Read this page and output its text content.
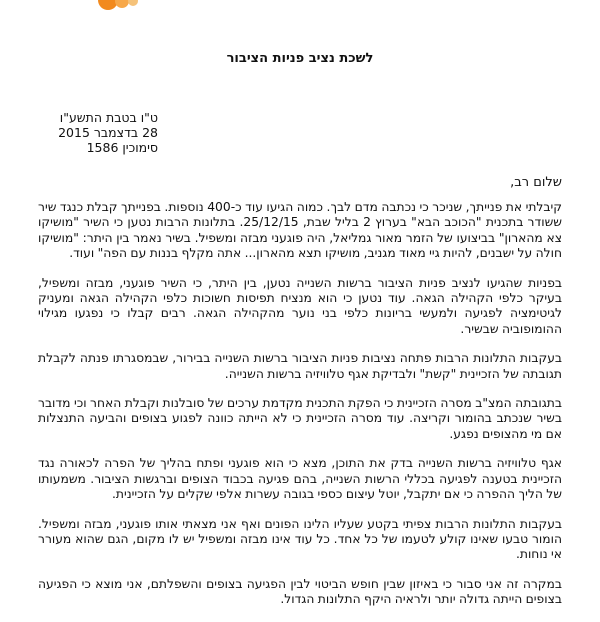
לשכת נציב פניות הציבור
ט"ו בטבת התשע"ו
28 בדצמבר 2015
סימוכין 1586
שלום רב,

קיבלתי את פנייתך, שניכר כי נכתבה מדם לבך. כמוה הגיעו עוד כ-400 נוספות. בפנייתך קבלת כנגד שיר ששודר בתכנית "הכוכב הבא" בערוץ 2 בליל שבת, 25/12/15. בתלונות הרבות נטען כי השיר "מושיקו צא מהארון" בביצועו של הזמר מאור גמליאל, היה פוגעני מבזה ומשפיל. בשיר נאמר בין היתר: "מושיקו חולה על ישבנים, להיות גיי מאוד מגניב, מושיקו תצא מהארון... אתה מקלף בננות עם הפה" ועוד.

בפניות שהגיעו לנציב פניות הציבור ברשות השנייה נטען, בין היתר, כי השיר פוגעני, מבזה ומשפיל, בעיקר כלפי הקהילה הגאה. עוד נטען כי הוא מנציח תפיסות חשוכות כלפי הקהילה הגאה ומעניק לגיטימציה לפגיעה ולמעשי בריונות כלפי בני נוער מהקהילה הגאה. רבים קבלו כי נפגעו מגילוי ההומופוביה שבשיר.

בעקבות התלונות הרבות פתחה נציבות פניות הציבור ברשות השנייה בבירור, שבמסגרתו פנתה לקבלת תגובתה של הזכיינית "קשת" ולבדיקת אגף טלוויזיה ברשות השנייה.

בתגובתה המצ"ב מסרה הזכיינית כי הפקת התכנית מקדמת ערכים של סובלנות וקבלת האחר וכי מדובר בשיר שנכתב בהומור וקריצה. עוד מסרה הזכיינית כי לא הייתה כוונה לפגוע בצופים והביעה התנצלות אם מי מהצופים נפגע.

אגף טלוויזיה ברשות השנייה בדק את התוכן, מצא כי הוא פוגעני ופתח בהליך של הפרה לכאורה נגד הזכיינית בטענה לפגיעה בכללי הרשות השנייה, בהם פגיעה בכבוד הצופים וברגשות הציבור. משמעותו של הליך ההפרה כי אם יתקבל, יוטל עיצום כספי בגובה עשרות אלפי שקלים על הזכיינית.

בעקבות התלונות הרבות צפיתי בקטע שעליו הלינו הפונים ואף אני מצאתי אותו פוגעני, מבזה ומשפיל. הומור טבעו שאינו קולע לטעמו של כל אחד. כל עוד אינו מבזה ומשפיל יש לו מקום, הגם שהוא מעורר אי נוחות.

במקרה זה אני סבור כי באיזון שבין חופש הביטוי לבין הפגיעה בצופים והשפלתם, אני מוצא כי הפגיעה בצופים הייתה גדולה יותר ולראיה היקף התלונות הגדול.
